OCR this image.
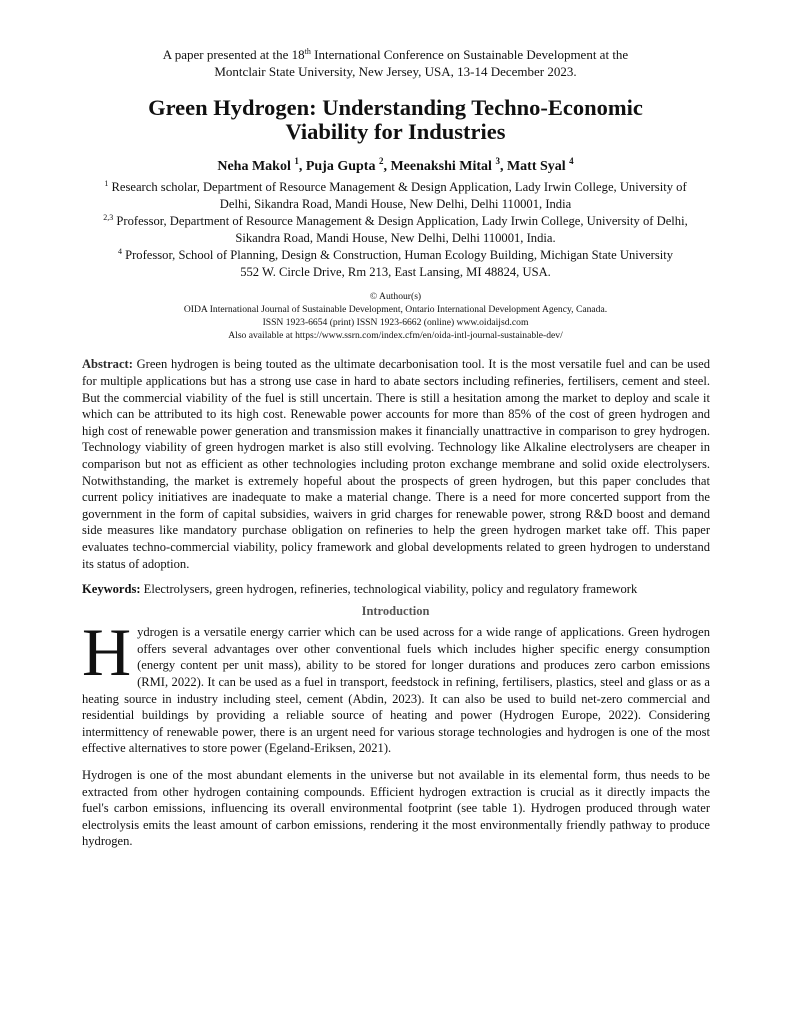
A paper presented at the 18th International Conference on Sustainable Development at the
Montclair State University, New Jersey, USA, 13-14 December 2023.
Green Hydrogen: Understanding Techno-Economic
Viability for Industries
Neha Makol $^1$, Puja Gupta $^2$, Meenakshi Mital $^3$, Matt Syal $^4$
$^1$ Research scholar, Department of Resource Management & Design Application, Lady Irwin College, University of
Delhi, Sikandra Road, Mandi House, New Delhi, Delhi 110001, India
$^{2,3}$ Professor, Department of Resource Management & Design Application, Lady Irwin College, University of Delhi,
Sikandra Road, Mandi House, New Delhi, Delhi 110001, India.
$^4$ Professor, School of Planning, Design & Construction, Human Ecology Building, Michigan State University
552 W. Circle Drive, Rm 213, East Lansing, MI 48824, USA.
© Authour(s)
OIDA International Journal of Sustainable Development, Ontario International Development Agency, Canada.
ISSN 1923-6654 (print) ISSN 1923-6662 (online) www.oidaijsd.com
Also available at https://www.ssrn.com/index.cfm/en/oida-intl-journal-sustainable-dev/
Abstract: Green hydrogen is being touted as the ultimate decarbonisation tool. It is the most versatile fuel and can be used for multiple applications but has a strong use case in hard to abate sectors including refineries, fertilisers, cement and steel. But the commercial viability of the fuel is still uncertain. There is still a hesitation among the market to deploy and scale it which can be attributed to its high cost. Renewable power accounts for more than 85% of the cost of green hydrogen and high cost of renewable power generation and transmission makes it financially unattractive in comparison to grey hydrogen. Technology viability of green hydrogen market is also still evolving. Technology like Alkaline electrolysers are cheaper in comparison but not as efficient as other technologies including proton exchange membrane and solid oxide electrolysers. Notwithstanding, the market is extremely hopeful about the prospects of green hydrogen, but this paper concludes that current policy initiatives are inadequate to make a material change. There is a need for more concerted support from the government in the form of capital subsidies, waivers in grid charges for renewable power, strong R&D boost and demand side measures like mandatory purchase obligation on refineries to help the green hydrogen market take off. This paper evaluates techno-commercial viability, policy framework and global developments related to green hydrogen to understand its status of adoption.
Keywords: Electrolysers, green hydrogen, refineries, technological viability, policy and regulatory framework
Introduction
Hydrogen is a versatile energy carrier which can be used across for a wide range of applications. Green hydrogen offers several advantages over other conventional fuels which includes higher specific energy consumption (energy content per unit mass), ability to be stored for longer durations and produces zero carbon emissions (RMI, 2022). It can be used as a fuel in transport, feedstock in refining, fertilisers, plastics, steel and glass or as a heating source in industry including steel, cement (Abdin, 2023). It can also be used to build net-zero commercial and residential buildings by providing a reliable source of heating and power (Hydrogen Europe, 2022). Considering intermittency of renewable power, there is an urgent need for various storage technologies and hydrogen is one of the most effective alternatives to store power (Egeland-Eriksen, 2021).
Hydrogen is one of the most abundant elements in the universe but not available in its elemental form, thus needs to be extracted from other hydrogen containing compounds. Efficient hydrogen extraction is crucial as it directly impacts the fuel's carbon emissions, influencing its overall environmental footprint (see table 1). Hydrogen produced through water electrolysis emits the least amount of carbon emissions, rendering it the most environmentally friendly pathway to produce hydrogen.
